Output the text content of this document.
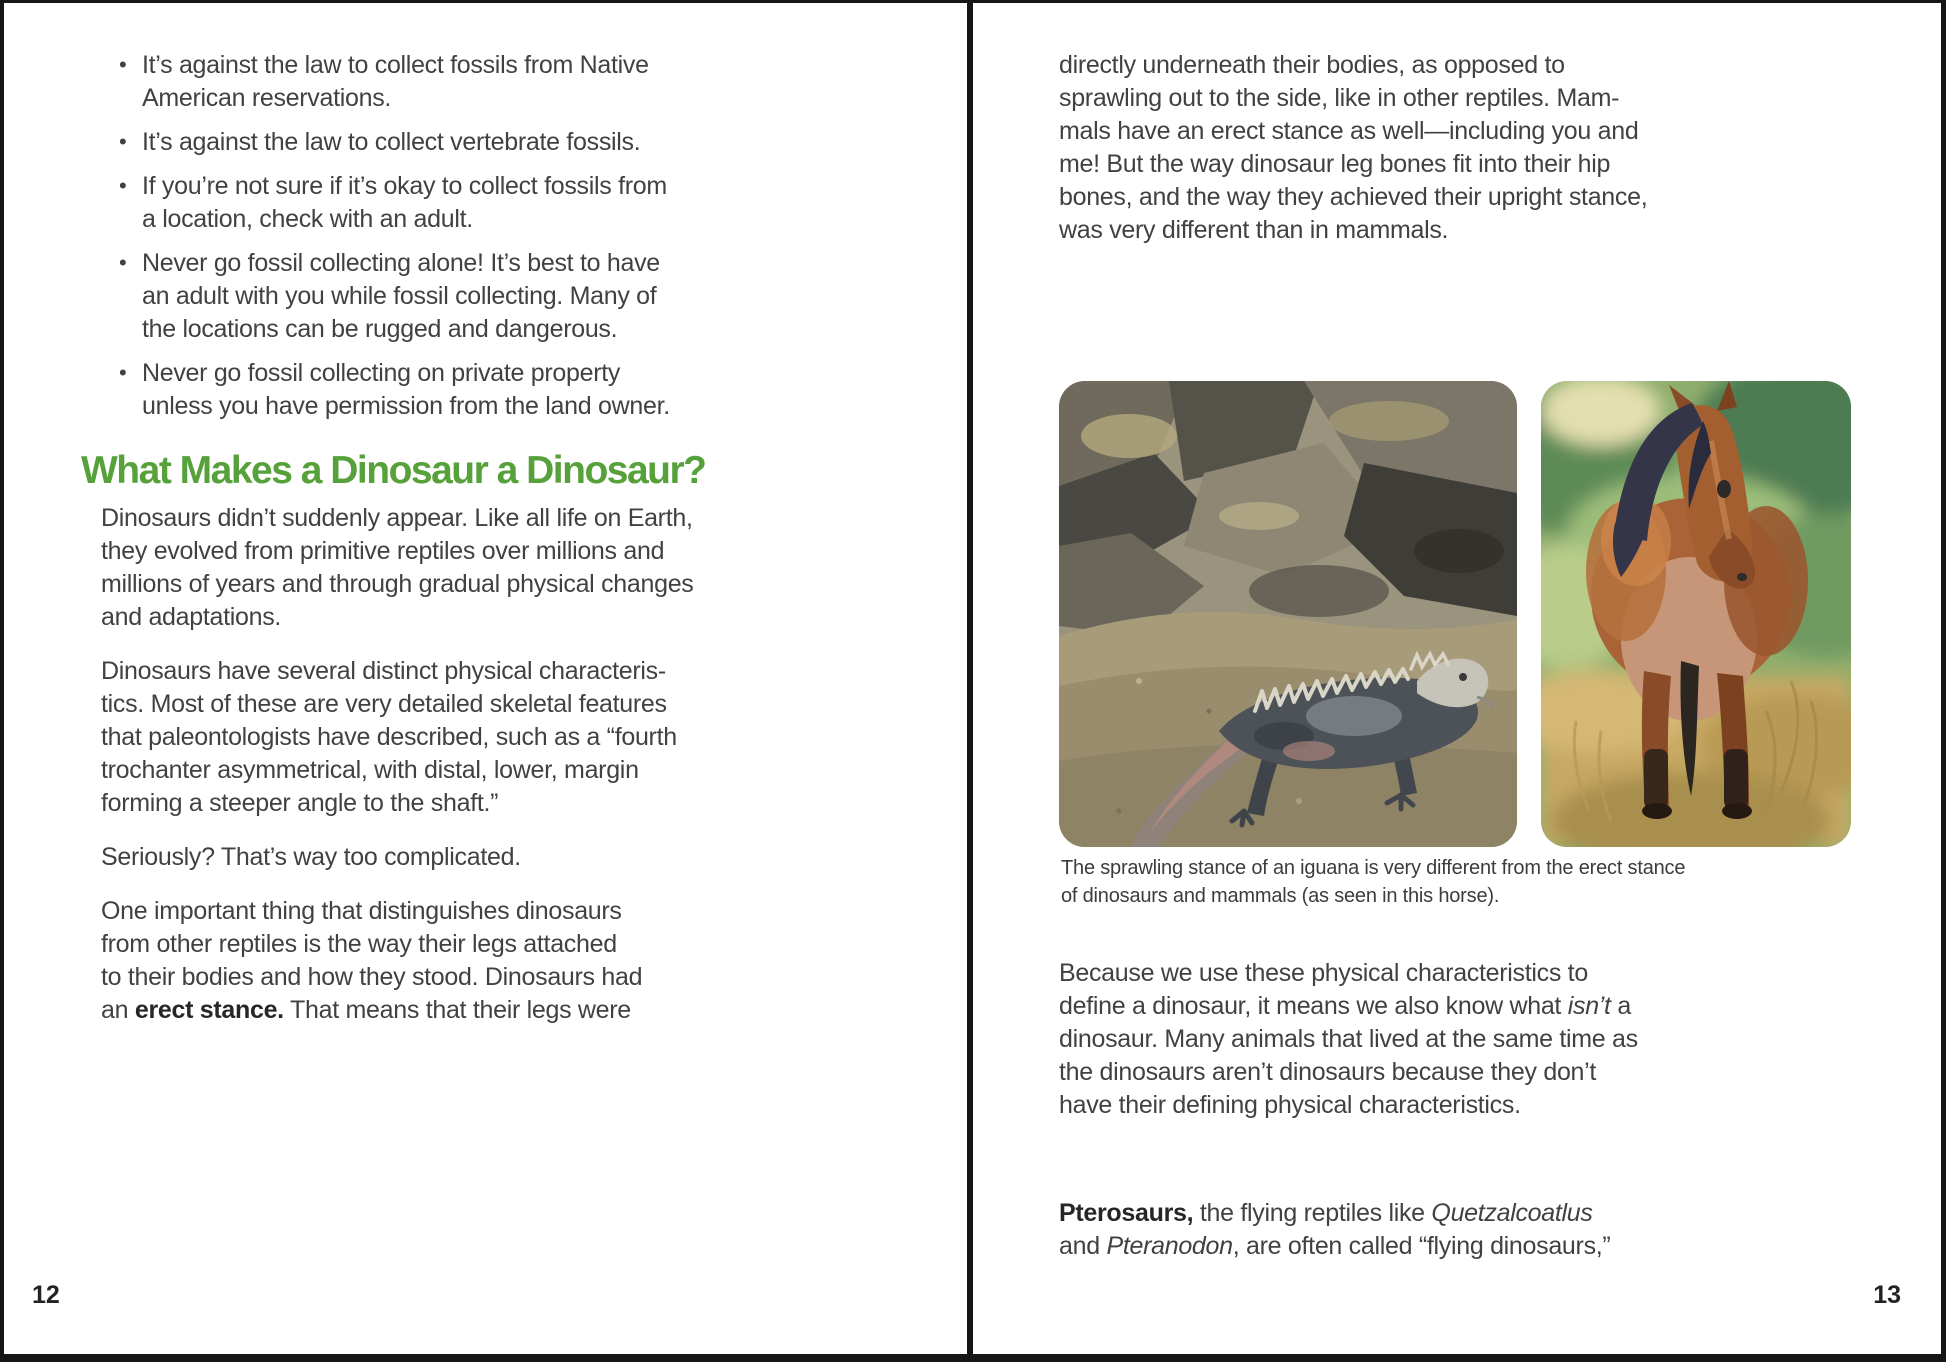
• It’s against the law to collect fossils from Native
American reservations.
• It’s against the law to collect vertebrate fossils.
• If you’re not sure if it’s okay to collect fossils from
a location, check with an adult.
• Never go fossil collecting alone! It’s best to have
an adult with you while fossil collecting. Many of
the locations can be rugged and dangerous.
• Never go fossil collecting on private property
unless you have permission from the land owner.
What Makes a Dinosaur a Dinosaur?
Dinosaurs didn’t suddenly appear. Like all life on Earth,
they evolved from primitive reptiles over millions and
millions of years and through gradual physical changes
and adaptations.
Dinosaurs have several distinct physical characteris-
tics. Most of these are very detailed skeletal features
that paleontologists have described, such as a “fourth
trochanter asymmetrical, with distal, lower, margin
forming a steeper angle to the shaft.”
Seriously? That’s way too complicated.
One important thing that distinguishes dinosaurs
from other reptiles is the way their legs attached
to their bodies and how they stood. Dinosaurs had
an erect stance. That means that their legs were
12
directly underneath their bodies, as opposed to
sprawling out to the side, like in other reptiles. Mam-
mals have an erect stance as well—including you and
me! But the way dinosaur leg bones fit into their hip
bones, and the way they achieved their upright stance,
was very different than in mammals.
The sprawling stance of an iguana is very different from the erect stance
of dinosaurs and mammals (as seen in this horse).
Because we use these physical characteristics to
define a dinosaur, it means we also know what isn’t a
dinosaur. Many animals that lived at the same time as
the dinosaurs aren’t dinosaurs because they don’t
have their defining physical characteristics.
Pterosaurs, the flying reptiles like Quetzalcoatlus
and Pteranodon, are often called “flying dinosaurs,”
13
